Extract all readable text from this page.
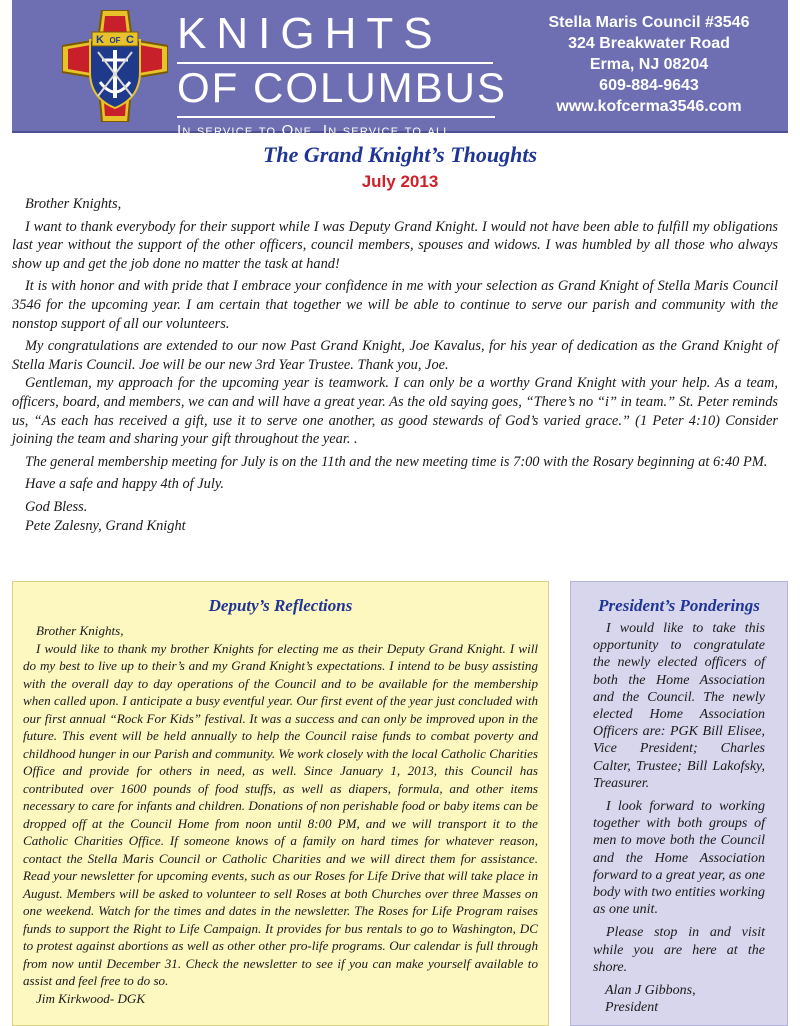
K OF C KNIGHTS
OF COLUMBUS
In service to One. In service to all.
Stella Maris Council #3546
324 Breakwater Road
Erma, NJ 08204
609-884-9643
www.kofcerma3546.com
The Grand Knight’s Thoughts
July 2013

Brother Knights,

I want to thank everybody for their support while I was Deputy Grand Knight. I would not have been able to fulfill my obligations last year without the support of the other officers, council members, spouses and widows. I was humbled by all those who always show up and get the job done no matter the task at hand!

It is with honor and with pride that I embrace your confidence in me with your selection as Grand Knight of Stella Maris Council 3546 for the upcoming year. I am certain that together we will be able to continue to serve our parish and community with the nonstop support of all our volunteers.

My congratulations are extended to our now Past Grand Knight, Joe Kavalus, for his year of dedication as the Grand Knight of Stella Maris Council. Joe will be our new 3rd Year Trustee. Thank you, Joe.

Gentleman, my approach for the upcoming year is teamwork. I can only be a worthy Grand Knight with your help. As a team, officers, board, and members, we can and will have a great year. As the old saying goes, “There’s no “i” in team.” St. Peter reminds us, “As each has received a gift, use it to serve one another, as good stewards of God’s varied grace.” (1 Peter 4:10) Consider joining the team and sharing your gift throughout the year. .

The general membership meeting for July is on the 11th and the new meeting time is 7:00 with the Rosary beginning at 6:40 PM.

Have a safe and happy 4th of July.

God Bless.

Pete Zalesny, Grand Knight

Deputy’s Reflections

Brother Knights,

I would like to thank my brother Knights for electing me as their Deputy Grand Knight. I will do my best to live up to their’s and my Grand Knight’s expectations. I intend to be busy assisting with the overall day to day operations of the Council and to be available for the membership when called upon. I anticipate a busy eventful year. Our first event of the year just concluded with our first annual “Rock For Kids” festival. It was a success and can only be improved upon in the future. This event will be held annually to help the Council raise funds to combat poverty and childhood hunger in our Parish and community. We work closely with the local Catholic Charities Office and provide for others in need, as well. Since January 1, 2013, this Council has contributed over 1600 pounds of food stuffs, as well as diapers, formula, and other items necessary to care for infants and children. Donations of non perishable food or baby items can be dropped off at the Council Home from noon until 8:00 PM, and we will transport it to the Catholic Charities Office. If someone knows of a family on hard times for whatever reason, contact the Stella Maris Council or Catholic Charities and we will direct them for assistance. Read your newsletter for upcoming events, such as our Roses for Life Drive that will take place in August. Members will be asked to volunteer to sell Roses at both Churches over three Masses on one weekend. Watch for the times and dates in the newsletter. The Roses for Life Program raises funds to support the Right to Life Campaign. It provides for bus rentals to go to Washington, DC to protest against abortions as well as other other pro-life programs. Our calendar is full through from now until December 31. Check the newsletter to see if you can make yourself available to assist and feel free to do so.

Jim Kirkwood- DGK

President’s Ponderings

I would like to take this opportunity to congratulate the newly elected officers of both the Home Association and the Council. The newly elected Home Association Officers are: PGK Bill Elisee, Vice President; Charles Calter, Trustee; Bill Lakofsky, Treasurer.

I look forward to working together with both groups of men to move both the Council and the Home Association forward to a great year, as one body with two entities working as one unit.

Please stop in and visit while you are here at the shore.

Alan J Gibbons,

President
